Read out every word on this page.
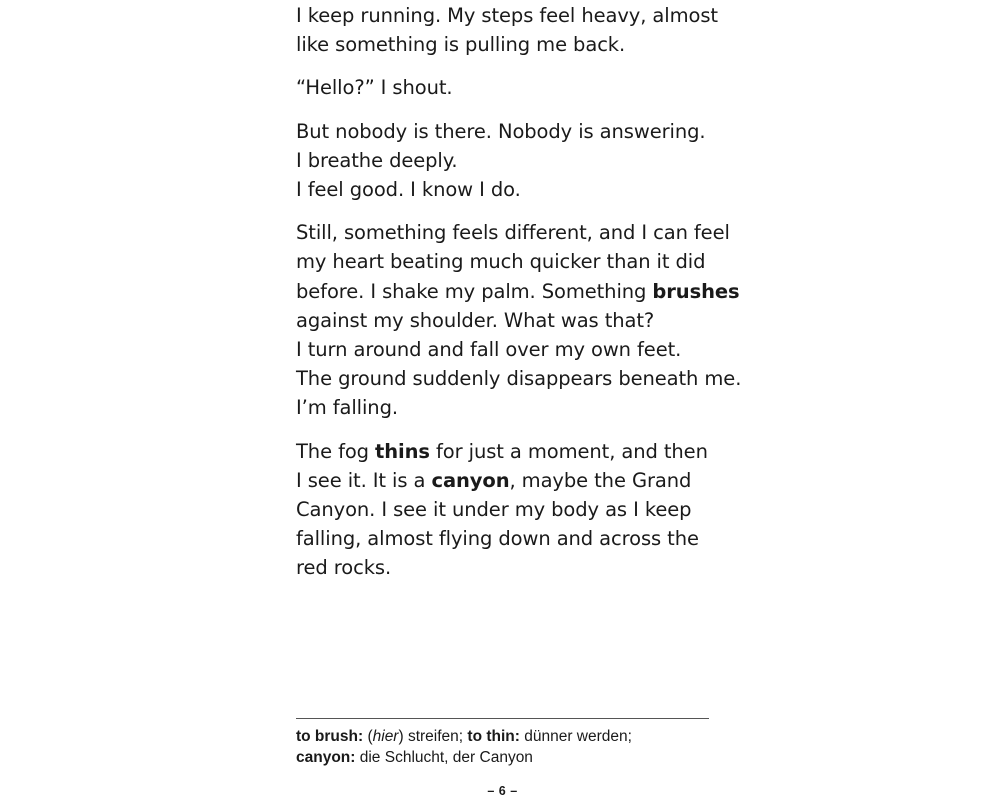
I keep running. My steps feel heavy, almost
like something is pulling me back.

“Hello?” I shout.

But nobody is there. Nobody is answering.
I breathe deeply.
I feel good. I know I do.

Still, something feels different, and I can feel
my heart beating much quicker than it did
before. I shake my palm. Something brushes
against my shoulder. What was that?
I turn around and fall over my own feet.
The ground suddenly disappears beneath me.
I’m falling.

The fog thins for just a moment, and then
I see it. It is a canyon, maybe the Grand
Canyon. I see it under my body as I keep
falling, almost flying down and across the
red rocks.

to brush: (hier) streifen; to thin: dünner werden;
canyon: die Schlucht, der Canyon
– 6 –
